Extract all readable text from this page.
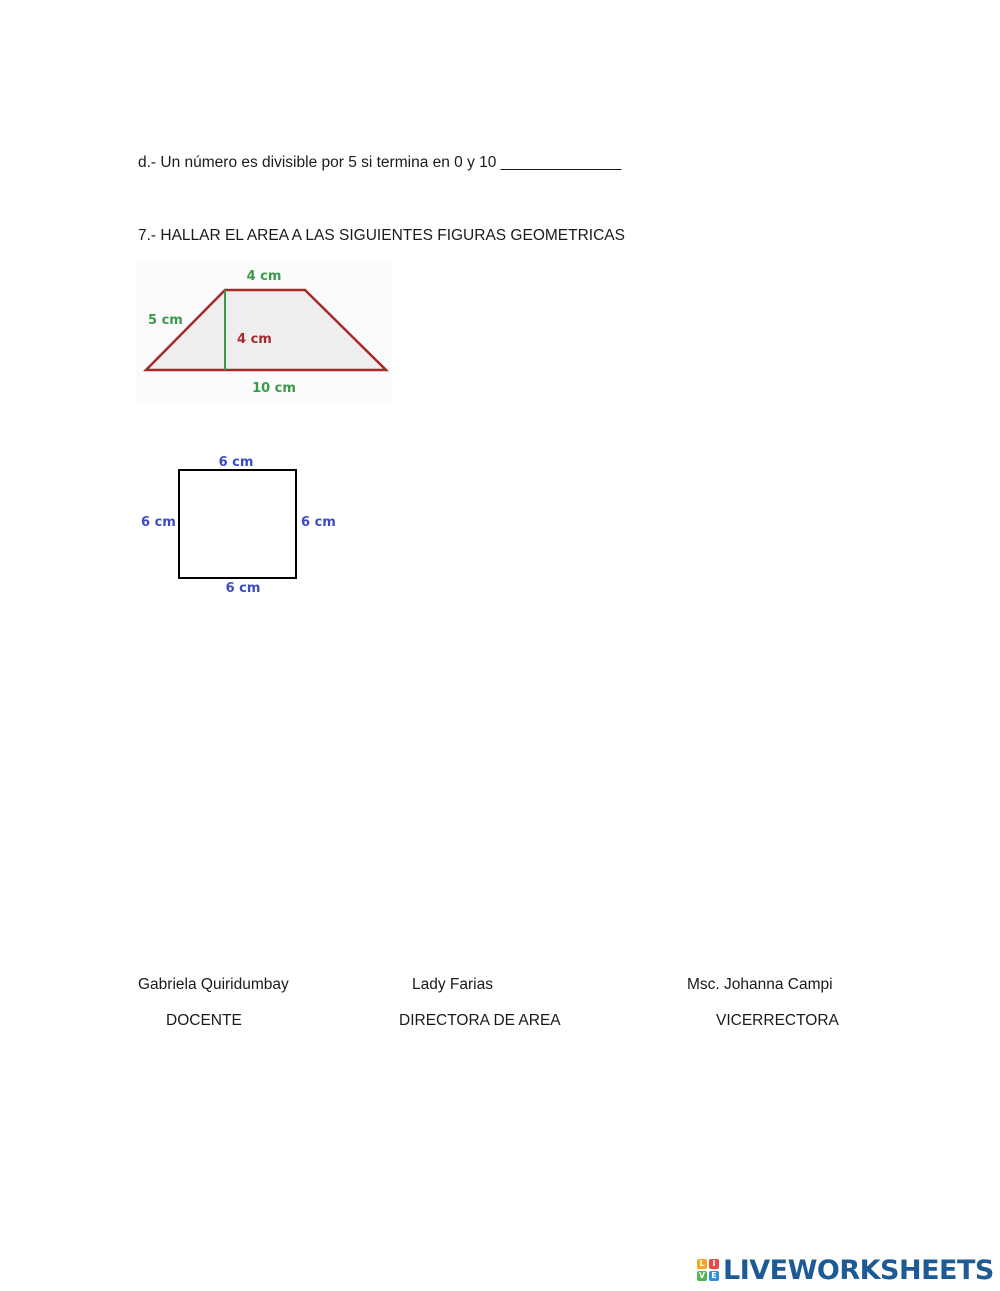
d.- Un número es divisible por 5 si termina en 0 y 10 ______________
7.- HALLAR EL AREA A LAS SIGUIENTES FIGURAS GEOMETRICAS
4 cm
5 cm
4 cm
10 cm
6 cm
6 cm	6 cm
6 cm
Gabriela Quiridumbay	Lady Farias	Msc. Johanna Campi
DOCENTE	DIRECTORA DE AREA	VICERRECTORA
L I
V E LIVEWORKSHEETS
